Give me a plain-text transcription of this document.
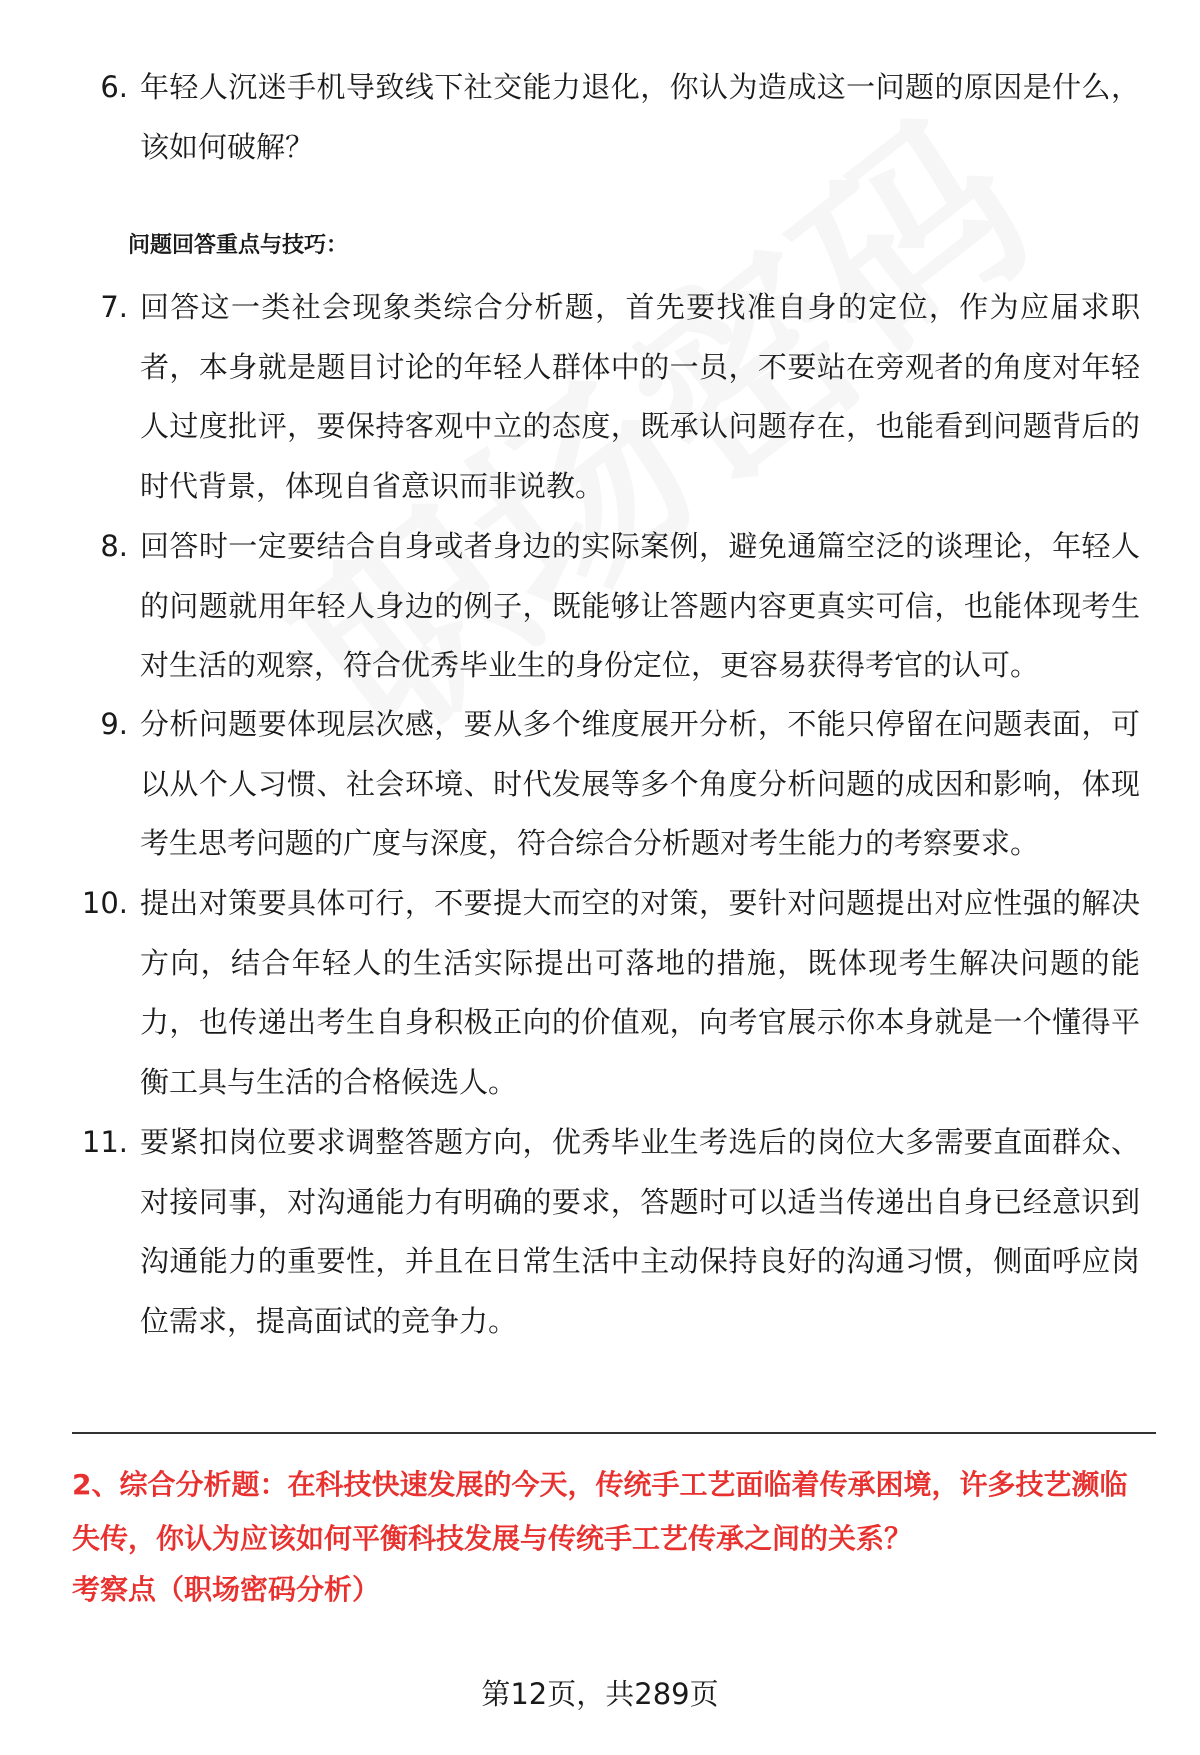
6. 年轻人沉迷手机导致线下社交能力退化，你认为造成这一问题的原因是什么，该如何破解？
问题回答重点与技巧：
7. 回答这一类社会现象类综合分析题，首先要找准自身的定位，作为应届求职者，本身就是题目讨论的年轻人群体中的一员，不要站在旁观者的角度对年轻人过度批评，要保持客观中立的态度，既承认问题存在，也能看到问题背后的时代背景，体现自省意识而非说教。
8. 回答时一定要结合自身或者身边的实际案例，避免通篇空泛的谈理论，年轻人的问题就用年轻人身边的例子，既能够让答题内容更真实可信，也能体现考生对生活的观察，符合优秀毕业生的身份定位，更容易获得考官的认可。
9. 分析问题要体现层次感，要从多个维度展开分析，不能只停留在问题表面，可以从个人习惯、社会环境、时代发展等多个角度分析问题的成因和影响，体现考生思考问题的广度与深度，符合综合分析题对考生能力的考察要求。
10. 提出对策要具体可行，不要提大而空的对策，要针对问题提出对应性强的解决方向，结合年轻人的生活实际提出可落地的措施，既体现考生解决问题的能力，也传递出考生自身积极正向的价值观，向考官展示你本身就是一个懂得平衡工具与生活的合格候选人。
11. 要紧扣岗位要求调整答题方向，优秀毕业生考选后的岗位大多需要直面群众、对接同事，对沟通能力有明确的要求，答题时可以适当传递出自身已经意识到沟通能力的重要性，并且在日常生活中主动保持良好的沟通习惯，侧面呼应岗位需求，提高面试的竞争力。
2、综合分析题：在科技快速发展的今天，传统手工艺面临着传承困境，许多技艺濒临失传，你认为应该如何平衡科技发展与传统手工艺传承之间的关系？
考察点（职场密码分析）
第12页，共289页
